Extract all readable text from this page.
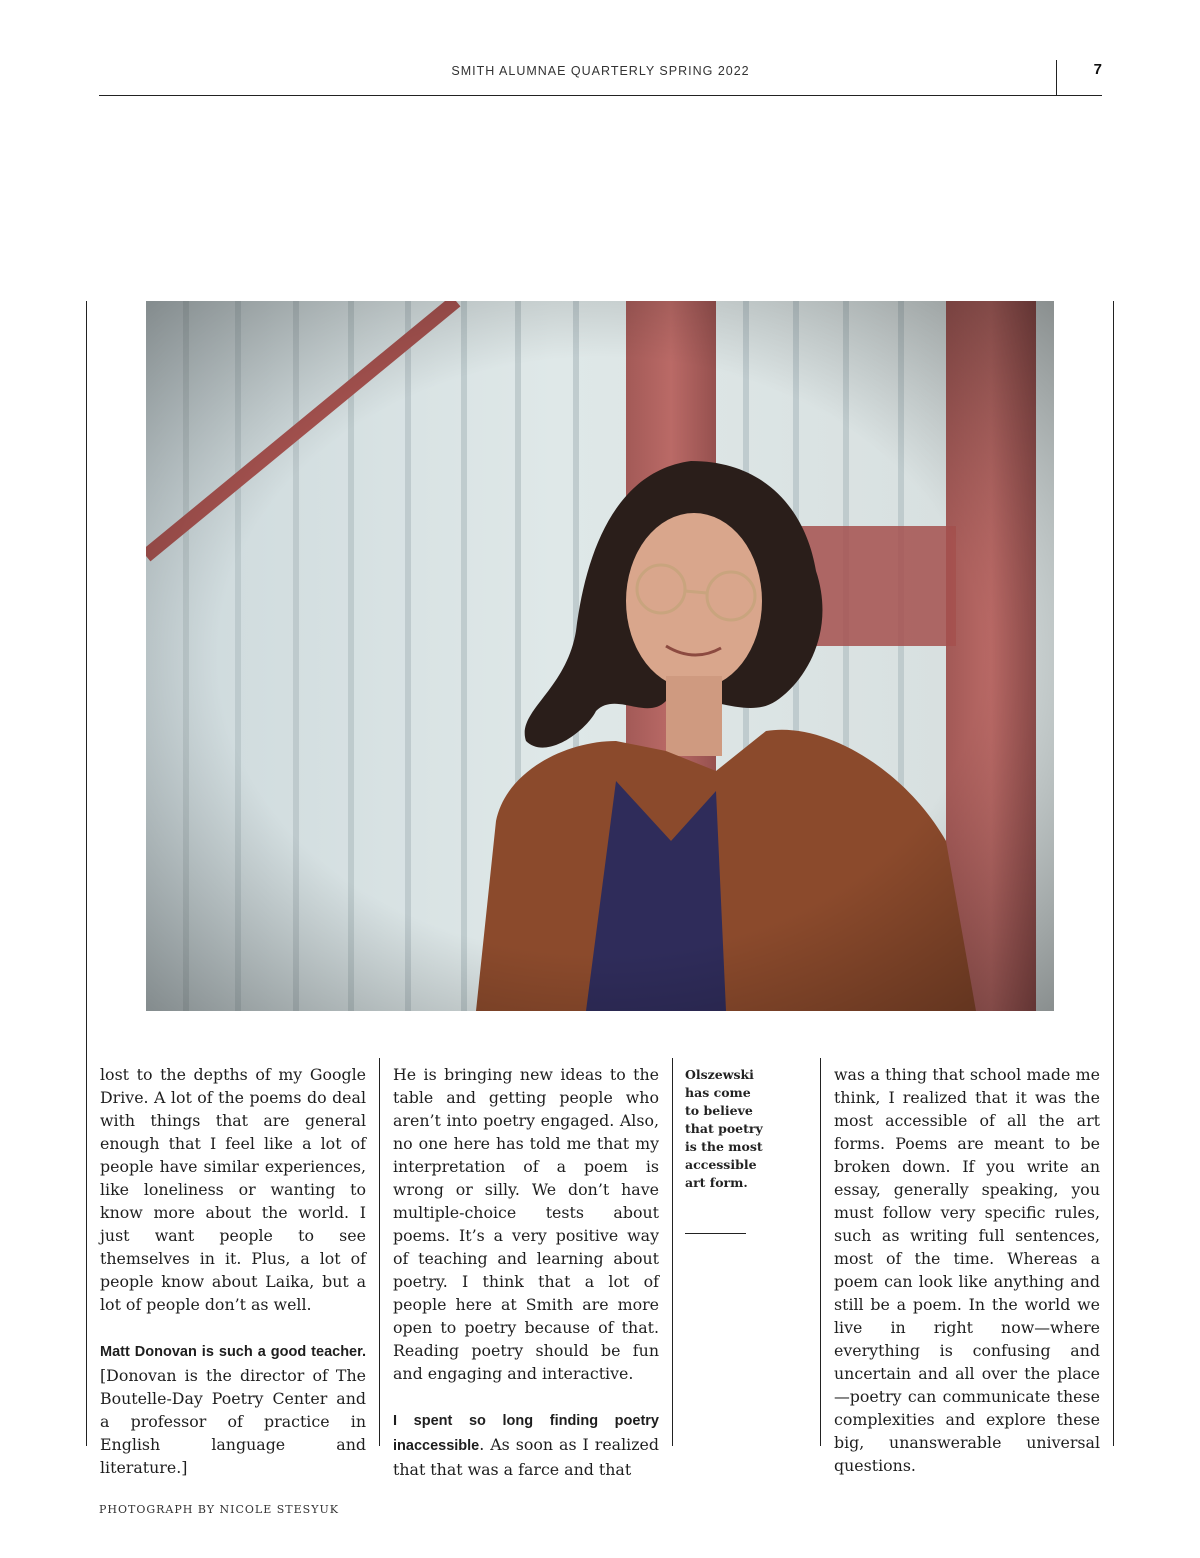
SMITH ALUMNAE QUARTERLY SPRING 2022	7

lost to the depths of my Google Drive. A lot of the poems do deal with things that are general enough that I feel like a lot of people have similar experiences, like loneliness or wanting to know more about the world. I just want people to see themselves in it. Plus, a lot of people know about Laika, but a lot of people don’t as well.

Matt Donovan is such a good teacher. [Donovan is the director of The Boutelle-Day Poetry Center and a professor of practice in English language and literature.]

He is bringing new ideas to the table and getting people who aren’t into poetry engaged. Also, no one here has told me that my interpretation of a poem is wrong or silly. We don’t have multiple-choice tests about poems. It’s a very positive way of teaching and learning about poetry. I think that a lot of people here at Smith are more open to poetry because of that. Reading poetry should be fun and engaging and interactive.

I spent so long finding poetry inaccessible. As soon as I realized that that was a farce and that

Olszewski has come to believe that poetry is the most accessible art form.

was a thing that school made me think, I realized that it was the most accessible of all the art forms. Poems are meant to be broken down. If you write an essay, generally speaking, you must follow very specific rules, such as writing full sentences, most of the time. Whereas a poem can look like anything and still be a poem. In the world we live in right now—where everything is confusing and uncertain and all over the place—poetry can communicate these complexities and explore these big, unanswerable universal questions.

PHOTOGRAPH BY NICOLE STESYUK
